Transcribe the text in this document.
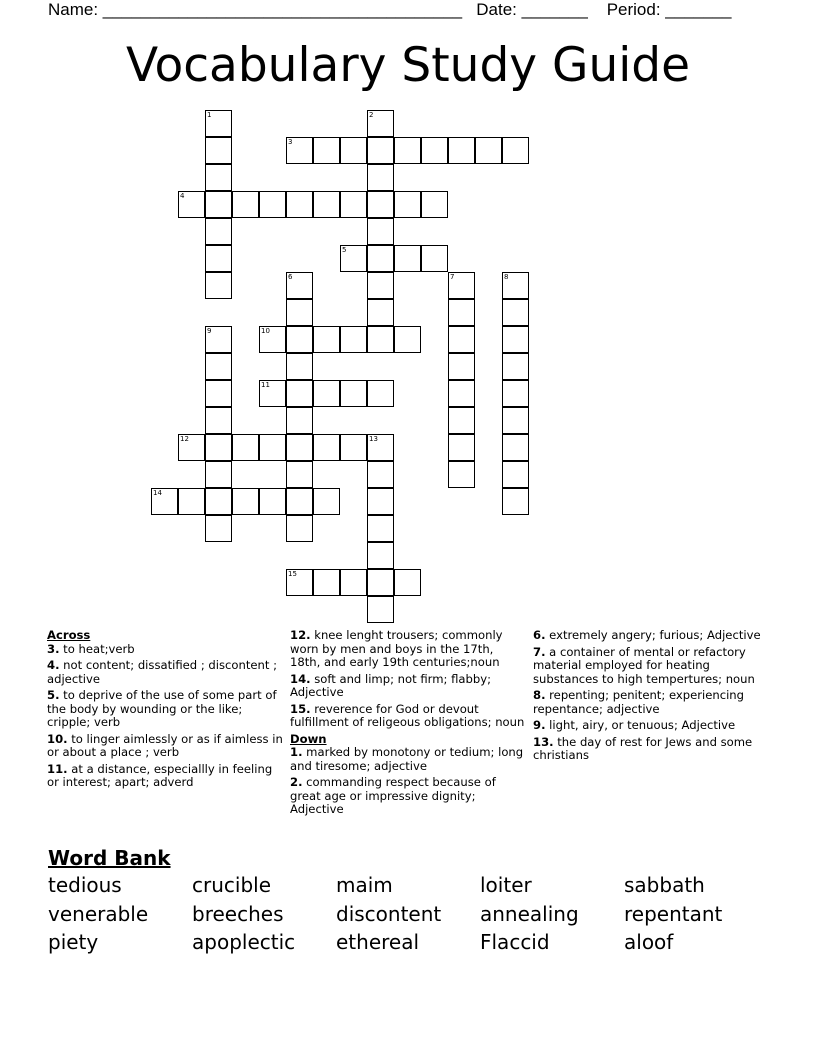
Name: ______________________________________ Date: _______ Period: _______
Vocabulary Study Guide
1	2
3
4
5
6	7	8
9	10
11
12	13
14
15
Across
3. to heat;verb
4. not content; dissatified ; discontent ; adjective
5. to deprive of the use of some part of the body by wounding or the like; cripple; verb
10. to linger aimlessly or as if aimless in or about a place ; verb
11. at a distance, especiallly in feeling or interest; apart; adverd
12. knee lenght trousers; commonly worn by men and boys in the 17th, 18th, and early 19th centuries;noun
14. soft and limp; not firm; flabby; Adjective
15. reverence for God or devout fulfillment of religeous obligations; noun
Down
1. marked by monotony or tedium; long and tiresome; adjective
2. commanding respect because of great age or impressive dignity; Adjective
6. extremely angery; furious; Adjective
7. a container of mental or refactory material employed for heating substances to high tempertures; noun
8. repenting; penitent; experiencing repentance; adjective
9. light, airy, or tenuous; Adjective
13. the day of rest for Jews and some christians
Word Bank
tedious	crucible	maim	loiter	sabbath
venerable	breeches	discontent	annealing	repentant
piety	apoplectic	ethereal	Flaccid	aloof
